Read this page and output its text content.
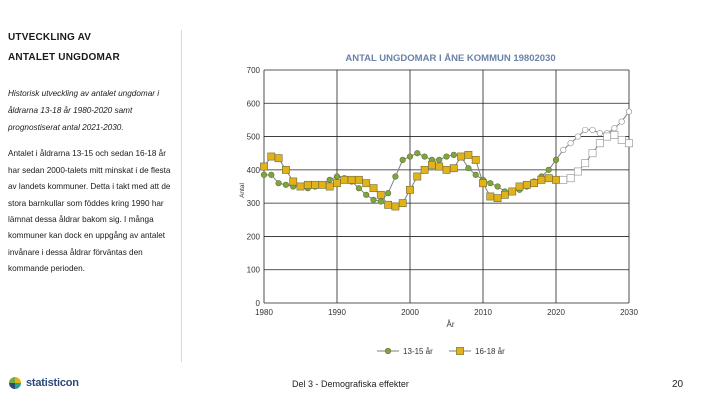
UTVECKLING AV
ANTALET UNGDOMAR
Historisk utveckling av antalet ungdomar i åldrarna 13-18 år 1980-2020 samt prognostiserat antal 2021-2030.
Antalet i åldrarna 13-15 och sedan 16-18 år har sedan 2000-talets mitt minskat i de flesta av landets kommuner. Detta i takt med att de stora barnkullar som föddes kring 1990 har lämnat dessa åldrar bakom sig. I många kommuner kan dock en uppgång av antalet invånare i dessa åldrar förväntas den kommande perioden.
ANTAL UNGDOMAR I ÅNE KOMMUN 19802030
0
100
200
300
400
500
600
700
1980	1990	2000	2010	2020	2030
År
Antal
13-15 år	16-18 år
statisticon	Del 3 - Demografiska effekter	20
